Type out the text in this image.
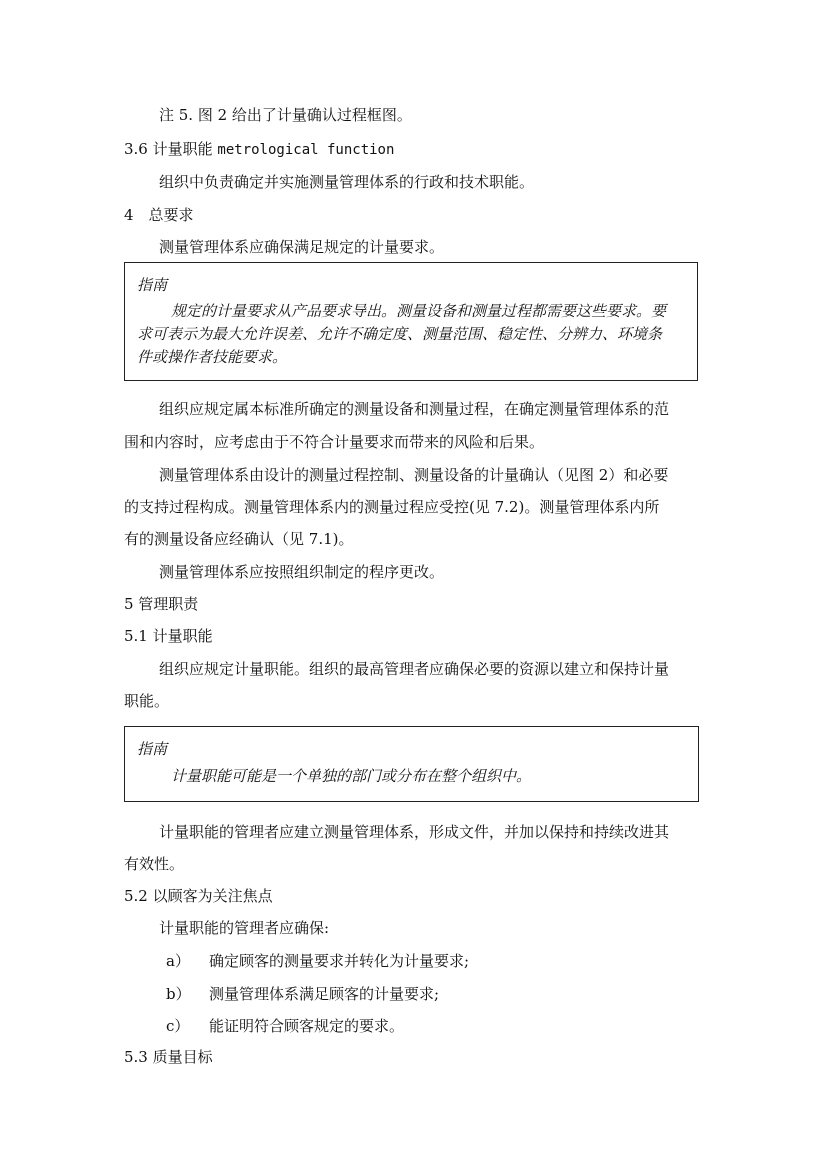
注 5. 图 2 给出了计量确认过程框图。
3.6 计量职能 metrological function
组织中负责确定并实施测量管理体系的行政和技术职能。
4　总要求
测量管理体系应确保满足规定的计量要求。
指南
规定的计量要求从产品要求导出。测量设备和测量过程都需要这些要求。要
求可表示为最大允许误差、允许不确定度、测量范围、稳定性、分辨力、环境条
件或操作者技能要求。
组织应规定属本标准所确定的测量设备和测量过程，在确定测量管理体系的范
围和内容时，应考虑由于不符合计量要求而带来的风险和后果。
测量管理体系由设计的测量过程控制、测量设备的计量确认（见图 2）和必要
的支持过程构成。测量管理体系内的测量过程应受控(见 7.2)。测量管理体系内所
有的测量设备应经确认（见 7.1)。
测量管理体系应按照组织制定的程序更改。
5 管理职责
5.1 计量职能
组织应规定计量职能。组织的最高管理者应确保必要的资源以建立和保持计量
职能。
指南
计量职能可能是一个单独的部门或分布在整个组织中。
计量职能的管理者应建立测量管理体系，形成文件，并加以保持和持续改进其
有效性。
5.2 以顾客为关注焦点
计量职能的管理者应确保:
a） 确定顾客的测量要求并转化为计量要求;
b） 测量管理体系满足顾客的计量要求;
c） 能证明符合顾客规定的要求。
5.3 质量目标
